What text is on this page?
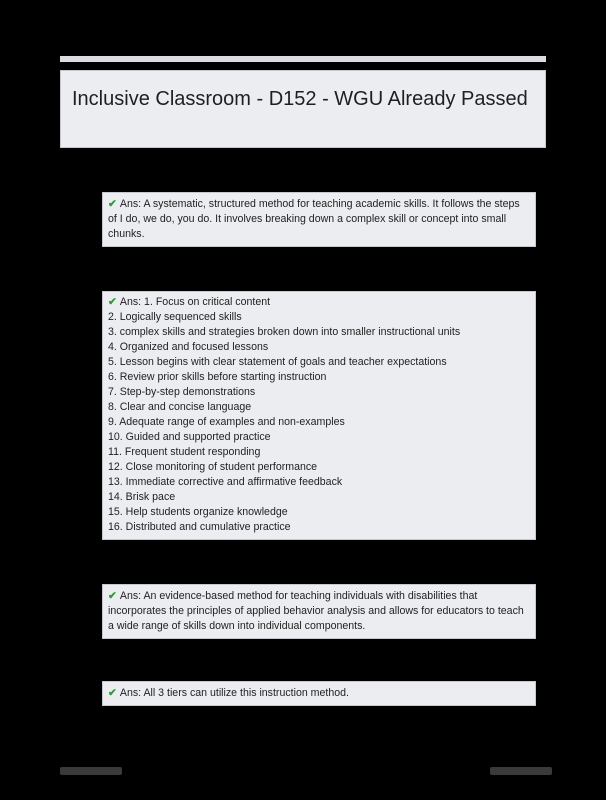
Inclusive Classroom - D152 - WGU Already Passed
✔ Ans: A systematic, structured method for teaching academic skills. It follows the steps of I do, we do, you do. It involves breaking down a complex skill or concept into small chunks.
✔ Ans: 1. Focus on critical content
2. Logically sequenced skills
3. complex skills and strategies broken down into smaller instructional units
4. Organized and focused lessons
5. Lesson begins with clear statement of goals and teacher expectations
6. Review prior skills before starting instruction
7. Step-by-step demonstrations
8. Clear and concise language
9. Adequate range of examples and non-examples
10. Guided and supported practice
11. Frequent student responding
12. Close monitoring of student performance
13. Immediate corrective and affirmative feedback
14. Brisk pace
15. Help students organize knowledge
16. Distributed and cumulative practice
✔ Ans: An evidence-based method for teaching individuals with disabilities that incorporates the principles of applied behavior analysis and allows for educators to teach a wide range of skills down into individual components.
✔ Ans: All 3 tiers can utilize this instruction method.
